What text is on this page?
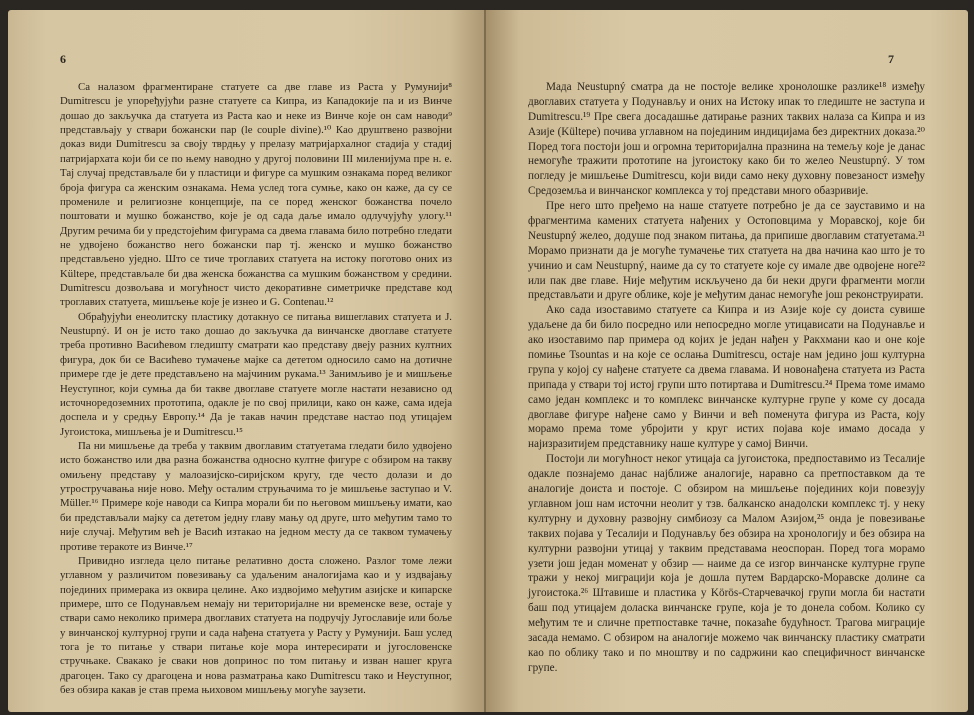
6

Са налазом фрагментиране статуете са две главе из Раста у Румунији⁸ Dumitrescu је упоређујући разне статуете са Кипра, из Кападокије па и из Винче дошао до закључка да статуета из Раста као и неке из Винче које он сам наводи⁹ представљају у ствари божански пар (le couple divine).¹⁰ Као друштвено развојни доказ види Dumitrescu за своју тврдњу у прелазу матријархалног стадија у стадиј патријархата који би се по њему наводно у другој половини III миленијума пре н. е. Тај случај представљале би у пластици и фигуре са мушким ознакама поред великог броја фигура са женским ознакама. Нема услед тога сумње, како он каже, да су се промениле и религиозне концепције, па се поред женског божанства почело поштовати и мушко божанство, које је од сада даље имало одлучујућу улогу.¹¹ Другим речима би у предстојећим фигурама са двема главама било потребно гледати не удвојено божанство него божански пар тј. женско и мушко божанство представљено уједно. Што се тиче троглавих статуета на истоку поготово оних из Kültepe, представљале би два женска божанства са мушким божанством у средини. Dumitrescu дозвољава и могућност чисто декоративне симетричке представе код троглавих статуета, мишљење које је изнео и G. Contenau.¹²

Обрађујући енеолитску пластику дотакнуо се питања вишеглавих статуета и J. Neustupný. И он је исто тако дошао до закључка да винчанске двоглаве статуете треба противно Васићевом гледишту сматрати као представу двеју разних култних фигура, док би се Васићево тумачење мајке са дететом односило само на дотичне примере где је дете представљено на мајчиним рукама.¹³ Занимљиво је и мишљење Неуступног, који сумња да би такве двоглаве статуете могле настати независно од источноредоземних прототипа, одакле је по свој прилици, како он каже, сама идеја доспела и у средњу Европу.¹⁴ Да је такав начин представе настао под утицајем Југоистока, мишљења је и Dumitrescu.¹⁵

Па ни мишљење да треба у таквим двоглавим статуетама гледати било удвојено исто божанство или два разна божанства односно култне фигуре с обзиром на такву омиљену представу у малоазијско-сиријском кругу, где често долази и до утростручавања није ново. Међу осталим струњачима то је мишљење заступао и V. Müller.¹⁶ Примере које наводи са Кипра морали би по његовом мишљењу имати, као би представљали мајку са дететом једну главу мању од друге, што међутим тамо то није случај. Међутим већ је Васић изтакао на једном месту да се таквом тумачењу противе теракоте из Винче.¹⁷

Привидно изгледа цело питање релативно доста сложено. Разлог томе лежи углавном у различитом повезивању са удаљеним аналогијама као и у издвајању појединих примерака из оквира целине. Ако издвојимо међутим азијске и кипарске примере, што се Подунављем немају ни територијалне ни временске везе, остаје у ствари само неколико примера двоглавих статуета на подручју Југославије или боље у винчанској културној групи и сада нађена статуета у Расту у Румунији. Баш услед тога је то питање у ствари питање које мора интересирати и југословенске стручњаке. Свакако је сваки нов допринос по том питању и изван нашег круга драгоцен. Тако су драгоцена и нова разматрања како Dumitrescu тако и Неуступног, без обзира какав је став према њиховом мишљењу могуће заузети.

7

Мада Neustupný сматра да не постоје велике хронолошке разлике¹⁸ између двоглавих статуета у Подунављу и оних на Истоку ипак то гледиште не заступа и Dumitrescu.¹⁹ Пре свега досадашње датирање разних таквих налаза са Кипра и из Азије (Kültepe) почива углавном на појединим индицијама без директних доказа.²⁰ Поред тога постоји још и огромна територијална празнина на темељу које је данас немогуће тражити прототипе на југоистоку како би то желео Neustupný. У том погледу је мишљење Dumitrescu, који види само неку духовну повезаност између Средоземља и винчанског комплекса у тој представи много обазривије.

Пре него што пређемо на наше статуете потребно је да се зауставимо и на фрагментима камених статуета нађених у Остоповцима у Моравској, које би Neustupný желео, додуше под знаком питања, да припише двоглавим статуетама.²¹ Морамо признати да је могуће тумачење тих статуета на два начина као што је то учинио и сам Neustupný, наиме да су то статуете које су имале две одвојене ноге²² или пак две главе. Није међутим искључено да би неки други фрагменти могли представљати и друге облике, које је међутим данас немогуће још реконструирати.

Ако сада изоставимо статуете са Кипра и из Азије које су доиста сувише удаљене да би било посредно или непосредно могле утицависати на Подунавље и ако изоставимо пар примера од којих је један нађен у Ракхмани као и оне које помиње Tsountas и на које се ослања Dumitrescu, остаје нам једино још културна група у којој су нађене статуете са двема главама. И новонађена статуета из Раста припада у ствари тој истој групи што потиртава и Dumitrescu.²⁴ Према томе имамо само један комплекс и то комплекс винчанске културне групе у коме су досада двоглаве фигуре нађене само у Винчи и већ поменута фигура из Раста, коју морамо према томе убројити у круг истих појава које имамо досада у најизразитијем представнику наше културе у самој Винчи.

Постоји ли могућност неког утицаја са југоистока, предпоставимо из Тесалије одакле познајемо данас најближе аналогије, наравно са претпоставком да те аналогије доиста и постоје. С обзиром на мишљење појединих који повезују углавном још нам источни неолит у тзв. балканско анадолски комплекс тј. у неку културну и духовну развојну симбиозу са Малом Азијом,²⁵ онда је повезивање таквих појава у Тесалији и Подунављу без обзира на хронологију и без обзира на културни развојни утицај у таквим представама неоспоран. Поред тога морамо узети још један моменат у обзир — наиме да се изгор винчанске културне групе тражи у некој миграцији која је дошла путем Вардарско-Моравске долине са југоистока.²⁶ Штавише и пластика у Körös-Старчевачкој групи могла би настати баш под утицајем доласка винчанске групе, која је то донела собом. Колико су међутим те и сличне претпоставке тачне, показаће будућност. Трагова миграције засада немамо. С обзиром на аналогије можемо чак винчанску пластику сматрати као по облику тако и по мноштву и по садржини као специфичност винчанске групе.
